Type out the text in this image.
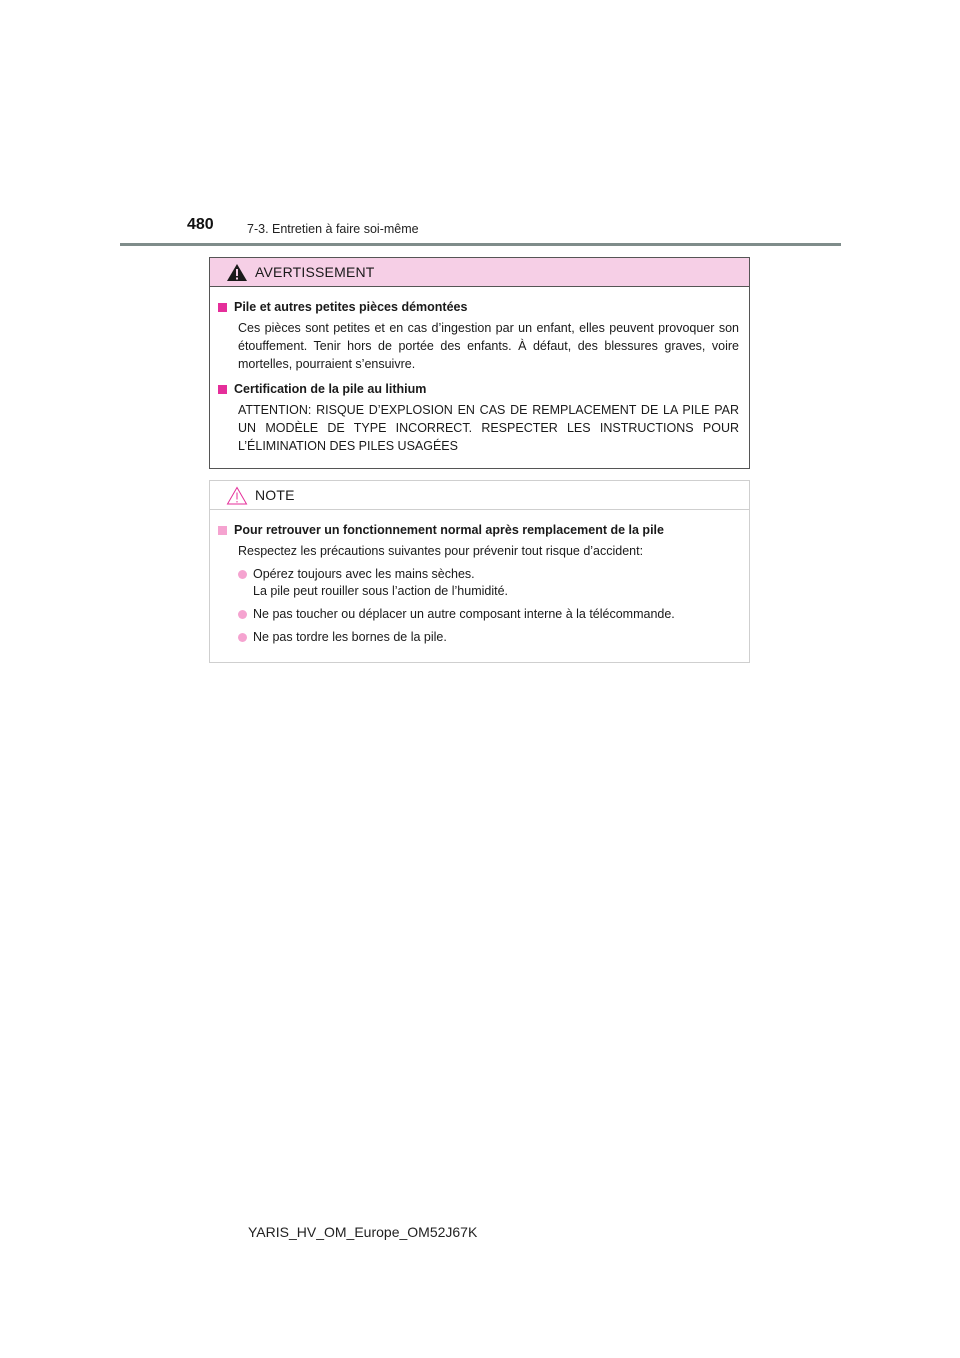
480	7-3. Entretien à faire soi-même
AVERTISSEMENT
Pile et autres petites pièces démontées
Ces pièces sont petites et en cas d’ingestion par un enfant, elles peuvent provoquer son étouffement. Tenir hors de portée des enfants. À défaut, des blessures graves, voire mortelles, pourraient s’ensuivre.
Certification de la pile au lithium
ATTENTION: RISQUE D’EXPLOSION EN CAS DE REMPLACEMENT DE LA PILE PAR UN MODÈLE DE TYPE INCORRECT. RESPECTER LES INSTRUCTIONS POUR L’ÉLIMINATION DES PILES USAGÉES
NOTE
Pour retrouver un fonctionnement normal après remplacement de la pile
Respectez les précautions suivantes pour prévenir tout risque d’accident:
Opérez toujours avec les mains sèches.
La pile peut rouiller sous l’action de l’humidité.
Ne pas toucher ou déplacer un autre composant interne à la télécommande.
Ne pas tordre les bornes de la pile.
YARIS_HV_OM_Europe_OM52J67K
